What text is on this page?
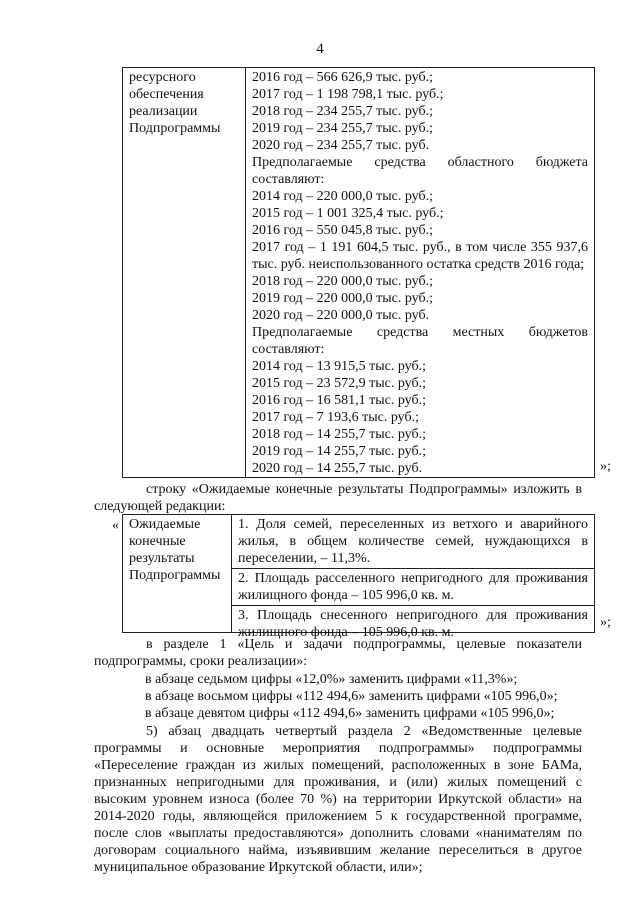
4
ресурсного
обеспечения
реализации
Подпрограммы
2016 год – 566 626,9 тыс. руб.;
2017 год – 1 198 798,1 тыс. руб.;
2018 год – 234 255,7 тыс. руб.;
2019 год – 234 255,7 тыс. руб.;
2020 год – 234 255,7 тыс. руб.
Предполагаемые средства областного бюджета составляют:
2014 год – 220 000,0 тыс. руб.;
2015 год – 1 001 325,4 тыс. руб.;
2016 год – 550 045,8 тыс. руб.;
2017 год – 1 191 604,5 тыс. руб., в том числе 355 937,6 тыс. руб. неиспользованного остатка средств 2016 года;
2018 год – 220 000,0 тыс. руб.;
2019 год – 220 000,0 тыс. руб.;
2020 год – 220 000,0 тыс. руб.
Предполагаемые средства местных бюджетов составляют:
2014 год – 13 915,5 тыс. руб.;
2015 год – 23 572,9 тыс. руб.;
2016 год – 16 581,1 тыс. руб.;
2017 год – 7 193,6 тыс. руб.;
2018 год – 14 255,7 тыс. руб.;
2019 год – 14 255,7 тыс. руб.;
2020 год – 14 255,7 тыс. руб.	»;
строку «Ожидаемые конечные результаты Подпрограммы» изложить в следующей редакции:
« Ожидаемые
конечные
результаты
Подпрограммы
1. Доля семей, переселенных из ветхого и аварийного жилья, в общем количестве семей, нуждающихся в переселении, – 11,3%.
2. Площадь расселенного непригодного для проживания жилищного фонда – 105 996,0 кв. м.
3. Площадь снесенного непригодного для проживания жилищного фонда – 105 996,0 кв. м.
»;
в разделе 1 «Цель и задачи подпрограммы, целевые показатели подпрограммы, сроки реализации»:
в абзаце седьмом цифры «12,0%» заменить цифрами «11,3%»;
в абзаце восьмом цифры «112 494,6» заменить цифрами «105 996,0»;
в абзаце девятом цифры «112 494,6» заменить цифрами «105 996,0»;
5) абзац двадцать четвертый раздела 2 «Ведомственные целевые программы и основные мероприятия подпрограммы» подпрограммы «Переселение граждан из жилых помещений, расположенных в зоне БАМа, признанных непригодными для проживания, и (или) жилых помещений с высоким уровнем износа (более 70 %) на территории Иркутской области» на 2014-2020 годы, являющейся приложением 5 к государственной программе, после слов «выплаты предоставляются» дополнить словами «нанимателям по договорам социального найма, изъявившим желание переселиться в другое муниципальное образование Иркутской области, или»;
